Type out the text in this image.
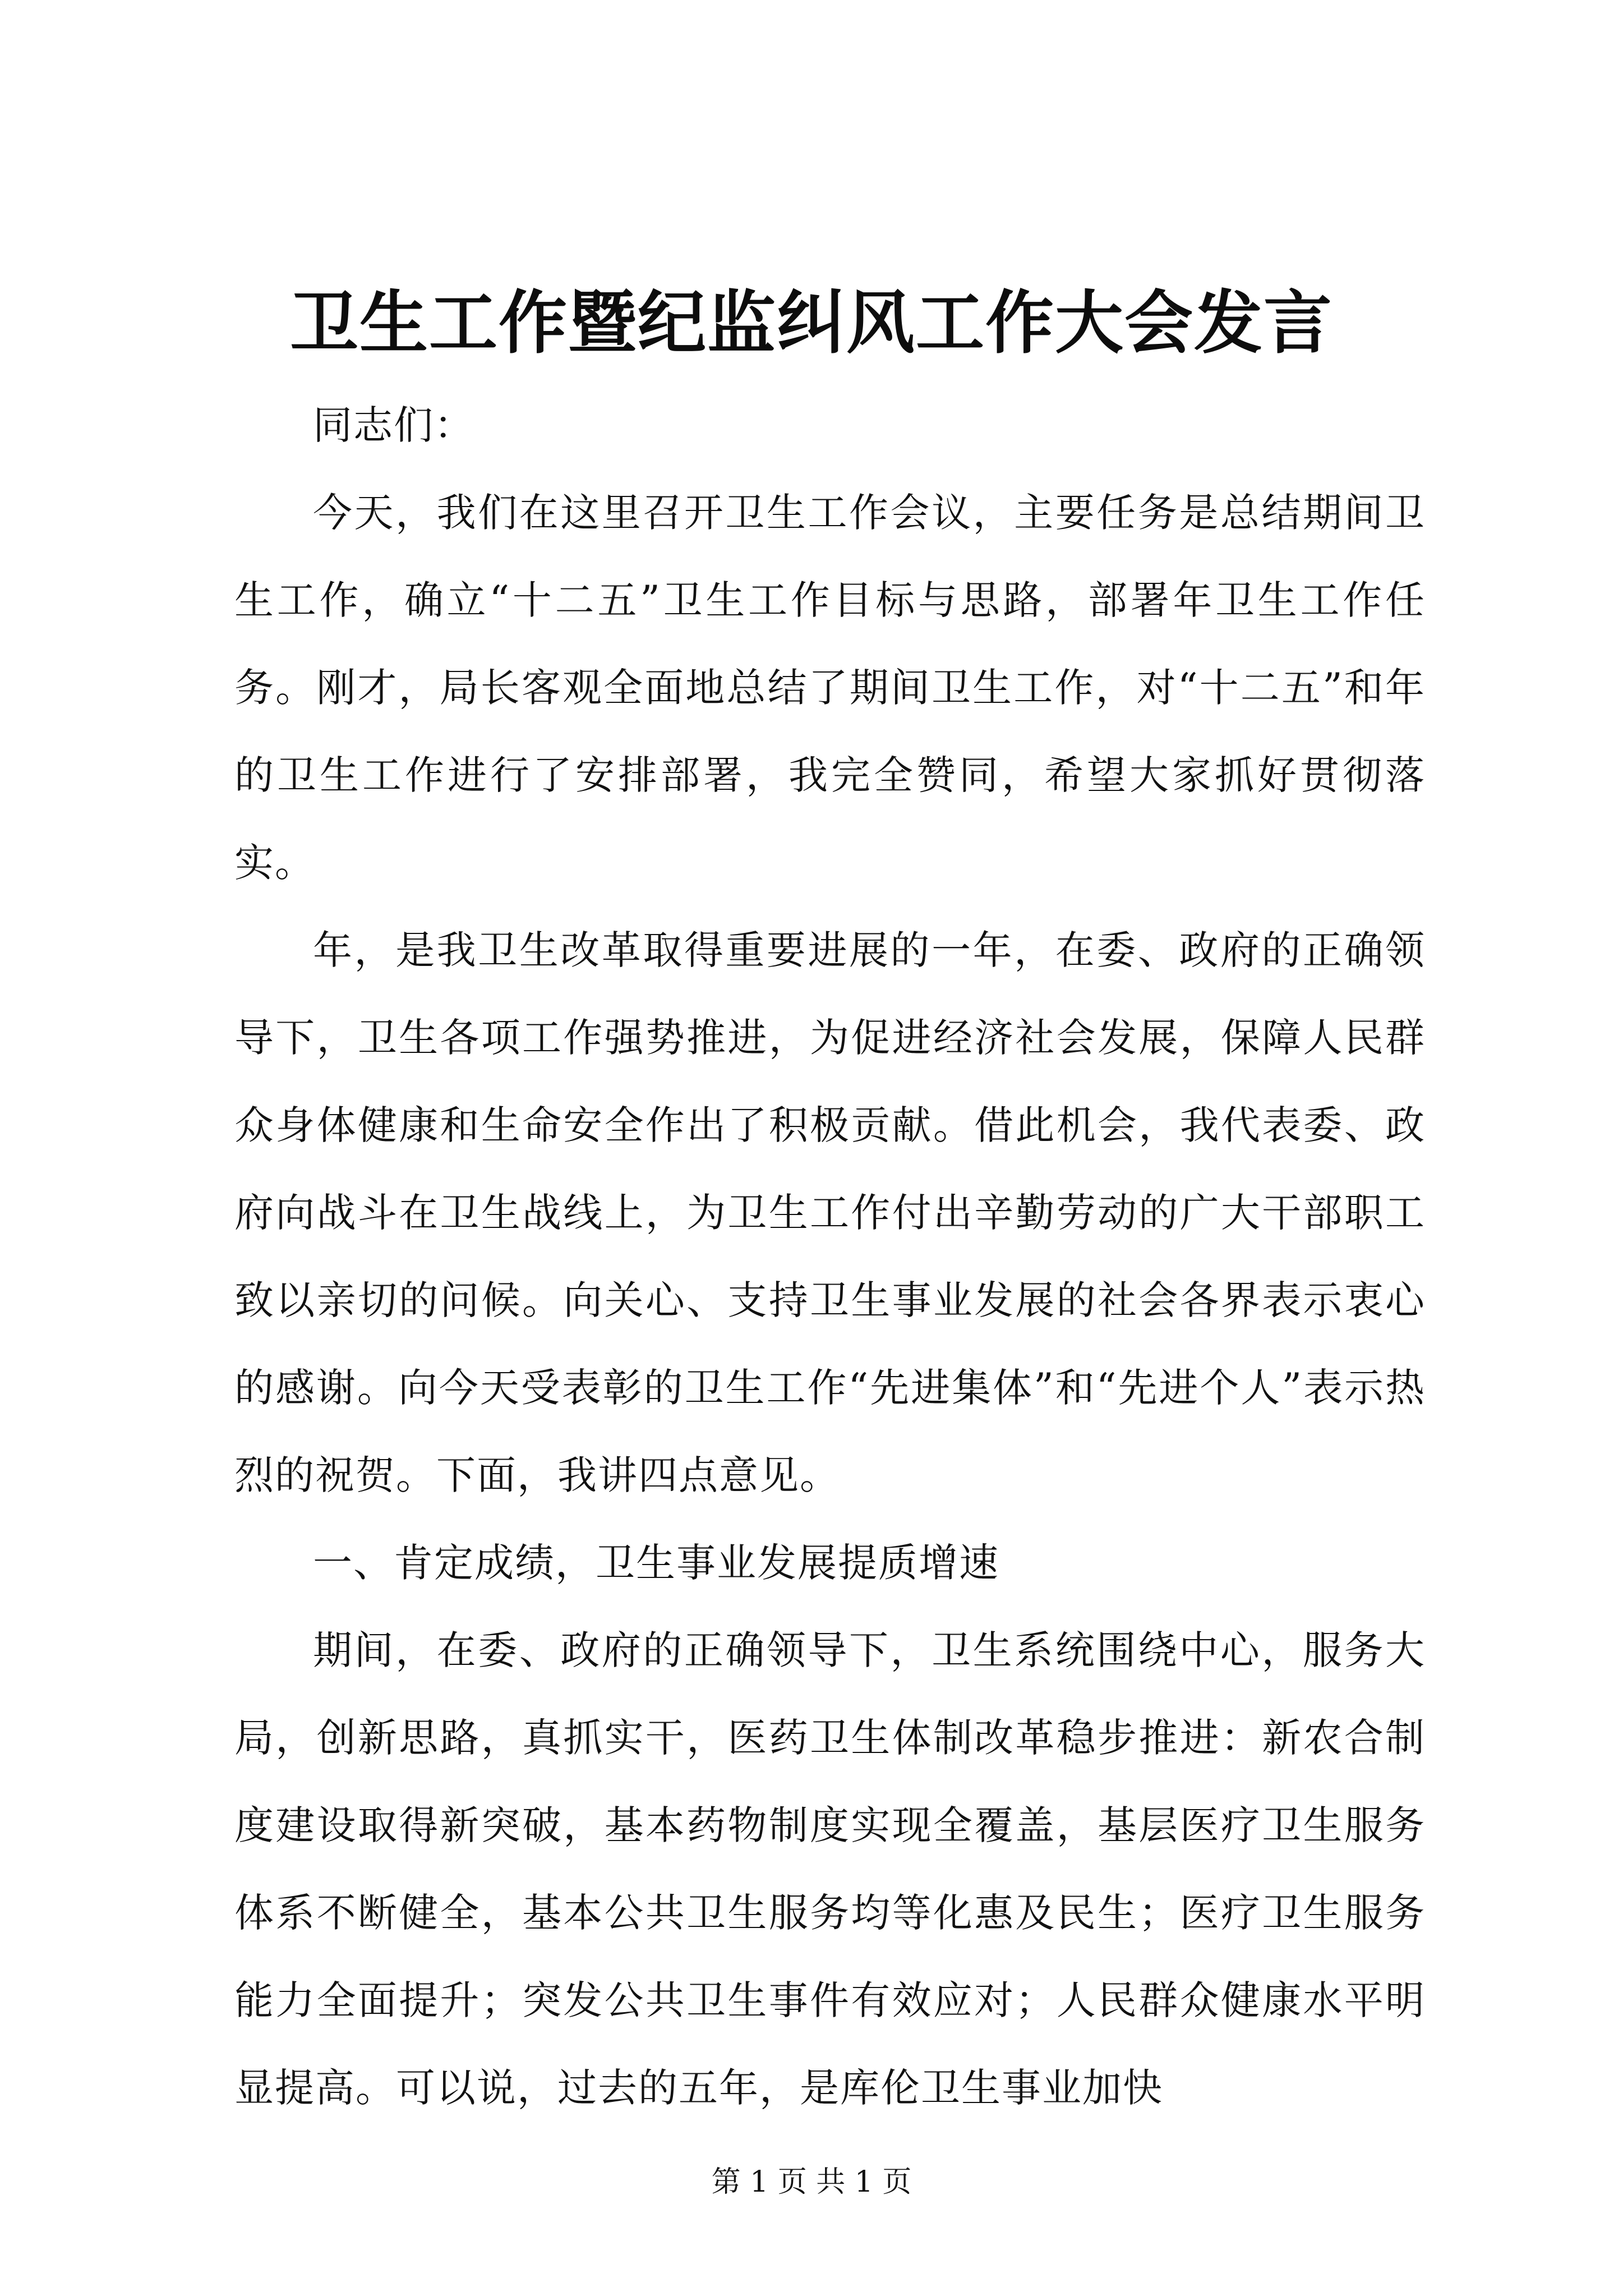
卫生工作暨纪监纠风工作大会发言

同志们：

今天，我们在这里召开卫生工作会议，主要任务是总结期间卫生工作，确立“十二五”卫生工作目标与思路，部署年卫生工作任务。刚才，局长客观全面地总结了期间卫生工作，对“十二五”和年的卫生工作进行了安排部署，我完全赞同，希望大家抓好贯彻落实。

年，是我卫生改革取得重要进展的一年，在委、政府的正确领导下，卫生各项工作强势推进，为促进经济社会发展，保障人民群众身体健康和生命安全作出了积极贡献。借此机会，我代表委、政府向战斗在卫生战线上，为卫生工作付出辛勤劳动的广大干部职工致以亲切的问候。向关心、支持卫生事业发展的社会各界表示衷心的感谢。向今天受表彰的卫生工作“先进集体”和“先进个人”表示热烈的祝贺。下面，我讲四点意见。

一、肯定成绩，卫生事业发展提质增速

期间，在委、政府的正确领导下，卫生系统围绕中心，服务大局，创新思路，真抓实干，医药卫生体制改革稳步推进：新农合制度建设取得新突破，基本药物制度实现全覆盖，基层医疗卫生服务体系不断健全，基本公共卫生服务均等化惠及民生；医疗卫生服务能力全面提升；突发公共卫生事件有效应对；人民群众健康水平明显提高。可以说，过去的五年，是库伦卫生事业加快

第 1 页 共 1 页
